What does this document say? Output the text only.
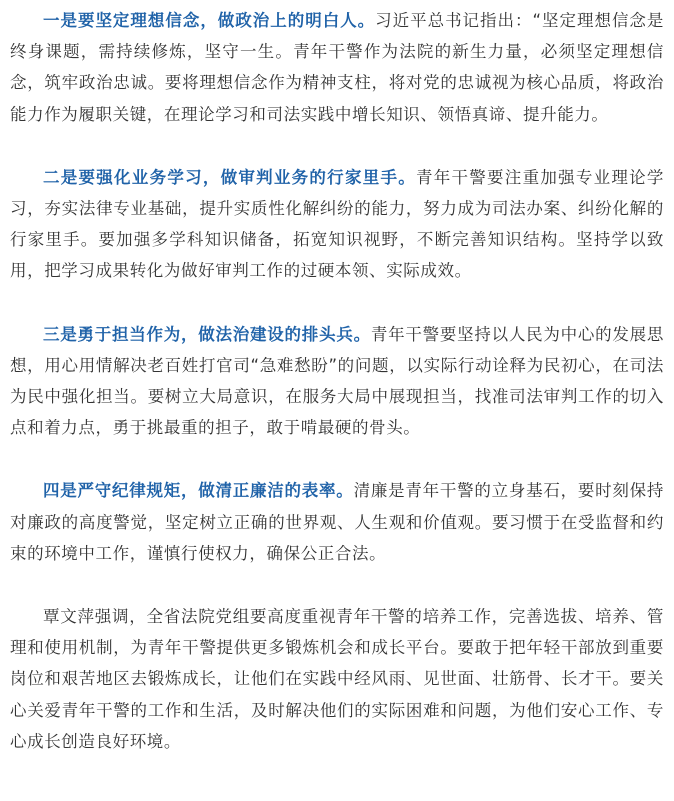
一是要坚定理想信念，做政治上的明白人。习近平总书记指出：“坚定理想信念是终身课题，需持续修炼，坚守一生。青年干警作为法院的新生力量，必须坚定理想信念，筑牢政治忠诚。要将理想信念作为精神支柱，将对党的忠诚视为核心品质，将政治能力作为履职关键，在理论学习和司法实践中增长知识、领悟真谛、提升能力。

二是要强化业务学习，做审判业务的行家里手。青年干警要注重加强专业理论学习，夯实法律专业基础，提升实质性化解纠纷的能力，努力成为司法办案、纠纷化解的行家里手。要加强多学科知识储备，拓宽知识视野，不断完善知识结构。坚持学以致用，把学习成果转化为做好审判工作的过硬本领、实际成效。

三是勇于担当作为，做法治建设的排头兵。青年干警要坚持以人民为中心的发展思想，用心用情解决老百姓打官司“急难愁盼”的问题，以实际行动诠释为民初心，在司法为民中强化担当。要树立大局意识，在服务大局中展现担当，找准司法审判工作的切入点和着力点，勇于挑最重的担子，敢于啃最硬的骨头。

四是严守纪律规矩，做清正廉洁的表率。清廉是青年干警的立身基石，要时刻保持对廉政的高度警觉，坚定树立正确的世界观、人生观和价值观。要习惯于在受监督和约束的环境中工作，谨慎行使权力，确保公正合法。

覃文萍强调，全省法院党组要高度重视青年干警的培养工作，完善选拔、培养、管理和使用机制，为青年干警提供更多锻炼机会和成长平台。要敢于把年轻干部放到重要岗位和艰苦地区去锻炼成长，让他们在实践中经风雨、见世面、壮筋骨、长才干。要关心关爱青年干警的工作和生活，及时解决他们的实际困难和问题，为他们安心工作、专心成长创造良好环境。
